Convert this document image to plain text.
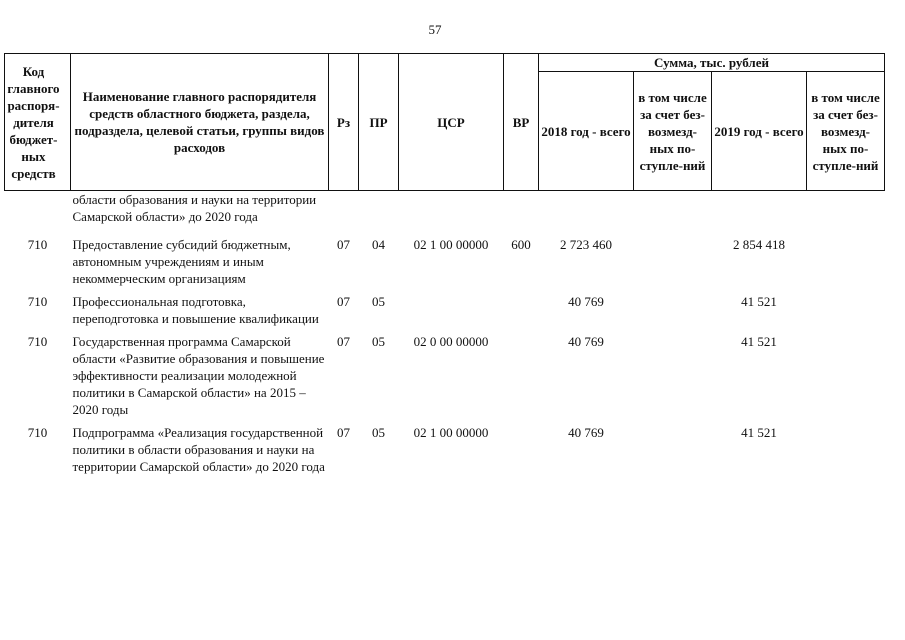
57
Код главного распоря-дителя бюджет-ных средств	Наименование главного распорядителя средств областного бюджета, раздела, подраздела, целевой статьи, группы видов расходов	Рз	ПР	ЦСР	ВР	Сумма, тыс. рублей			
						2018 год - всего	в том числе за счет без-возмезд-ных по-ступле-ний	2019 год - всего	в том числе за счет без-возмезд-ных по-ступле-ний
	области образования и науки на территории Самарской области» до 2020 года								

710	Предоставление субсидий бюджетным, автономным учреждениям и иным некоммерческим организациям	07	04	02 1 00 00000	600	2 723 460		2 854 418	

710	Профессиональная подготовка, переподготовка и повышение квалификации	07	05			40 769		41 521	

710	Государственная программа Самарской области «Развитие образования и повышение эффективности реализации молодежной политики в Самарской области» на 2015 – 2020 годы	07	05	02 0 00 00000		40 769		41 521	

710	Подпрограмма «Реализация государственной политики в области образования и науки на территории Самарской области» до 2020 года	07	05	02 1 00 00000		40 769		41 521	
